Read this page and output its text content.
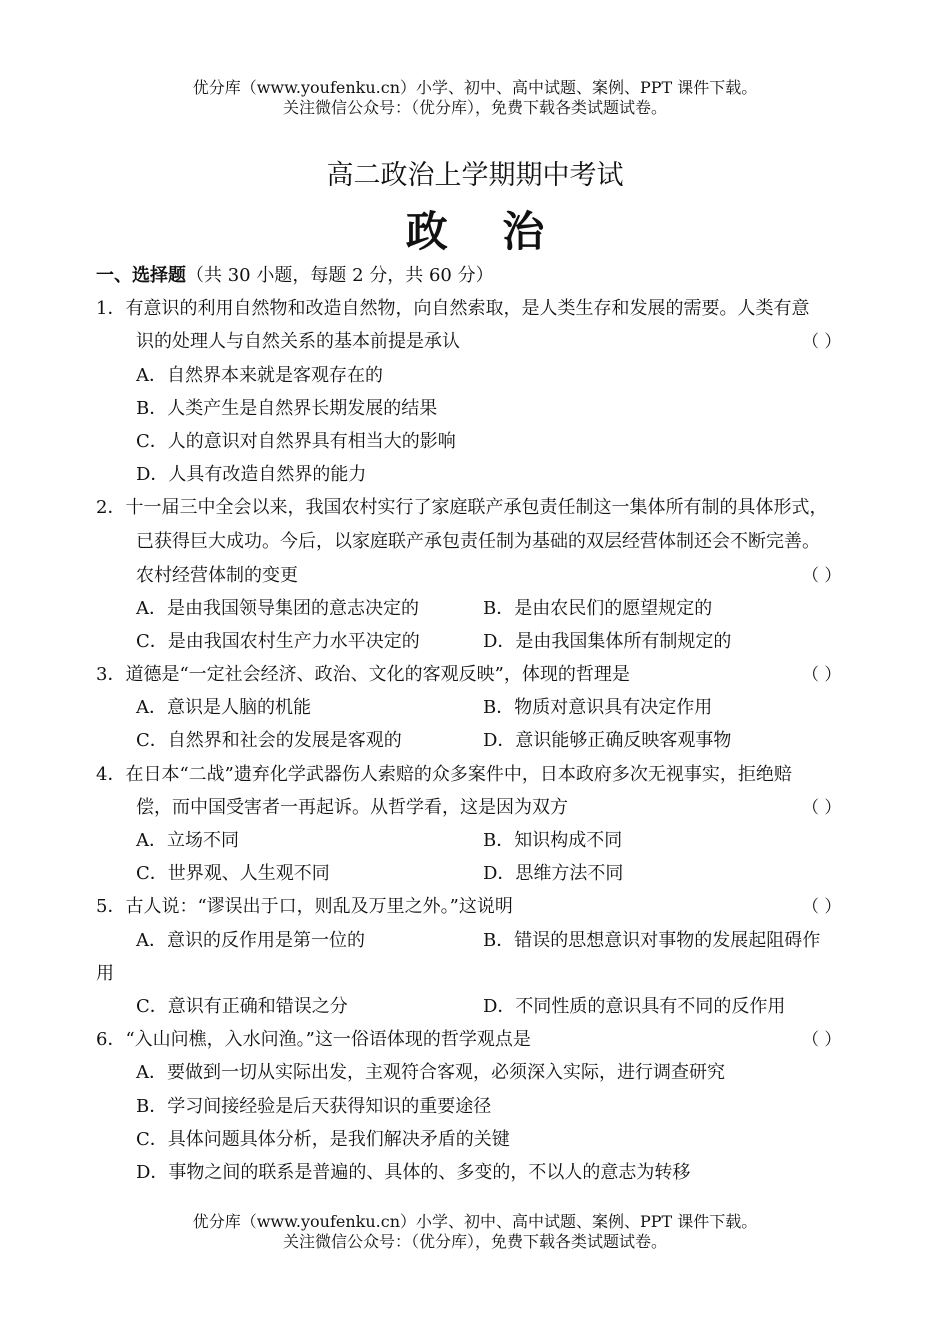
优分库（www.youfenku.cn）小学、初中、高中试题、案例、PPT 课件下载。
关注微信公众号：（优分库），免费下载各类试题试卷。
高二政治上学期期中考试
政 治
一、选择题（共 30 小题，每题 2 分，共 60 分）
1．有意识的利用自然物和改造自然物，向自然索取，是人类生存和发展的需要。人类有意
识的处理人与自然关系的基本前提是承认	（ ）
A．自然界本来就是客观存在的
B．人类产生是自然界长期发展的结果
C．人的意识对自然界具有相当大的影响
D．人具有改造自然界的能力
2．十一届三中全会以来，我国农村实行了家庭联产承包责任制这一集体所有制的具体形式，
已获得巨大成功。今后，以家庭联产承包责任制为基础的双层经营体制还会不断完善。
农村经营体制的变更	（ ）
A．是由我国领导集团的意志决定的	B．是由农民们的愿望规定的
C．是由我国农村生产力水平决定的	D．是由我国集体所有制规定的
3．道德是“一定社会经济、政治、文化的客观反映”，体现的哲理是	（ ）
A．意识是人脑的机能	B．物质对意识具有决定作用
C．自然界和社会的发展是客观的	D．意识能够正确反映客观事物
4．在日本“二战”遗弃化学武器伤人索赔的众多案件中，日本政府多次无视事实，拒绝赔
偿，而中国受害者一再起诉。从哲学看，这是因为双方	（ ）
A．立场不同	B．知识构成不同
C．世界观、人生观不同	D．思维方法不同
5．古人说：“谬误出于口，则乱及万里之外。”这说明	（ ）
A．意识的反作用是第一位的	B．错误的思想意识对事物的发展起阻碍作
用
C．意识有正确和错误之分	D．不同性质的意识具有不同的反作用
6．“入山问樵，入水问渔。”这一俗语体现的哲学观点是	（ ）
A．要做到一切从实际出发，主观符合客观，必须深入实际，进行调查研究
B．学习间接经验是后天获得知识的重要途径
C．具体问题具体分析，是我们解决矛盾的关键
D．事物之间的联系是普遍的、具体的、多变的，不以人的意志为转移
优分库（www.youfenku.cn）小学、初中、高中试题、案例、PPT 课件下载。
关注微信公众号：（优分库），免费下载各类试题试卷。
